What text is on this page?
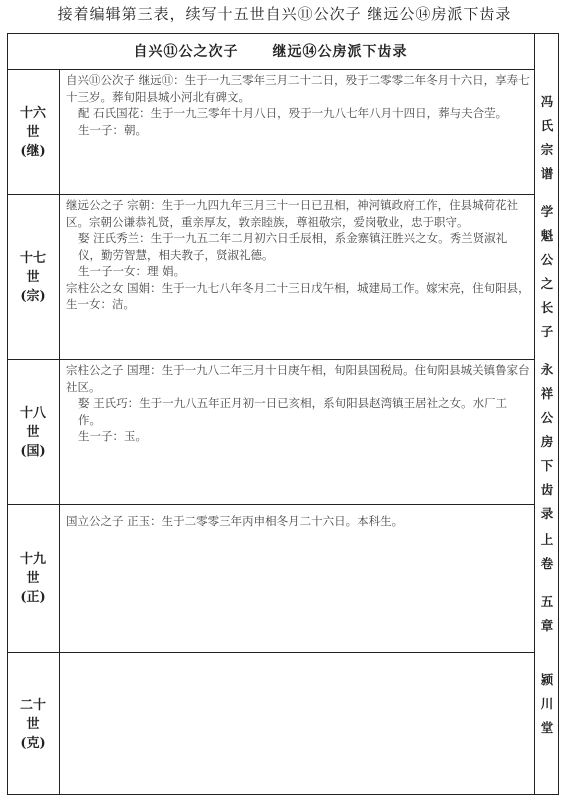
接着编辑第三表，续写十五世自兴⑪公次子 继远公⑭房派下齿录
自兴⑪公之次子 继远⑭公房派下齿录
十六
世
(继)

自兴⑪公次子 继远⑪：生于一九三零年三月二十二日，殁于二零零二年冬月十六日，享寿七十三岁。葬旬阳县城小河北有碑文。

配 石氏国花：生于一九三零年十月八日，殁于一九八七年八月十四日，葬与夫合茔。

生一子：朝。

十七
世
(宗)

继远公之子 宗朝：生于一九四九年三月三十一日已丑相，神河镇政府工作，住县城荷花社区。宗朝公谦恭礼贤，重亲厚友，敦亲睦族，尊祖敬宗，爱岗敬业，忠于职守。

娶 汪氏秀兰：生于一九五二年二月初六日壬辰相，系金寨镇汪胜兴之女。秀兰贤淑礼仪，勤劳智慧，相夫教子，贤淑礼德。

生一子一女：理 娟。

宗柱公之女 国娟：生于一九七八年冬月二十三日戊午相，城建局工作。嫁宋亮，住旬阳县，生一女：洁。

十八
世
(国)

宗柱公之子 国理：生于一九八二年三月十日庚午相，旬阳县国税局。住旬阳县城关镇鲁家台社区。

娶 王氏巧：生于一九八五年正月初一日已亥相，系旬阳县赵湾镇王居社之女。水厂工作。

生一子：玉。

十九
世
(正)

国立公之子 正玉：生于二零零三年丙申相冬月二十六日。本科生。

二十
世
(克)
冯
氏
宗
谱
学
魁
公
之
长
子
永
祥
公
房
下
齿
录
上
卷
五
章
颍
川
堂
